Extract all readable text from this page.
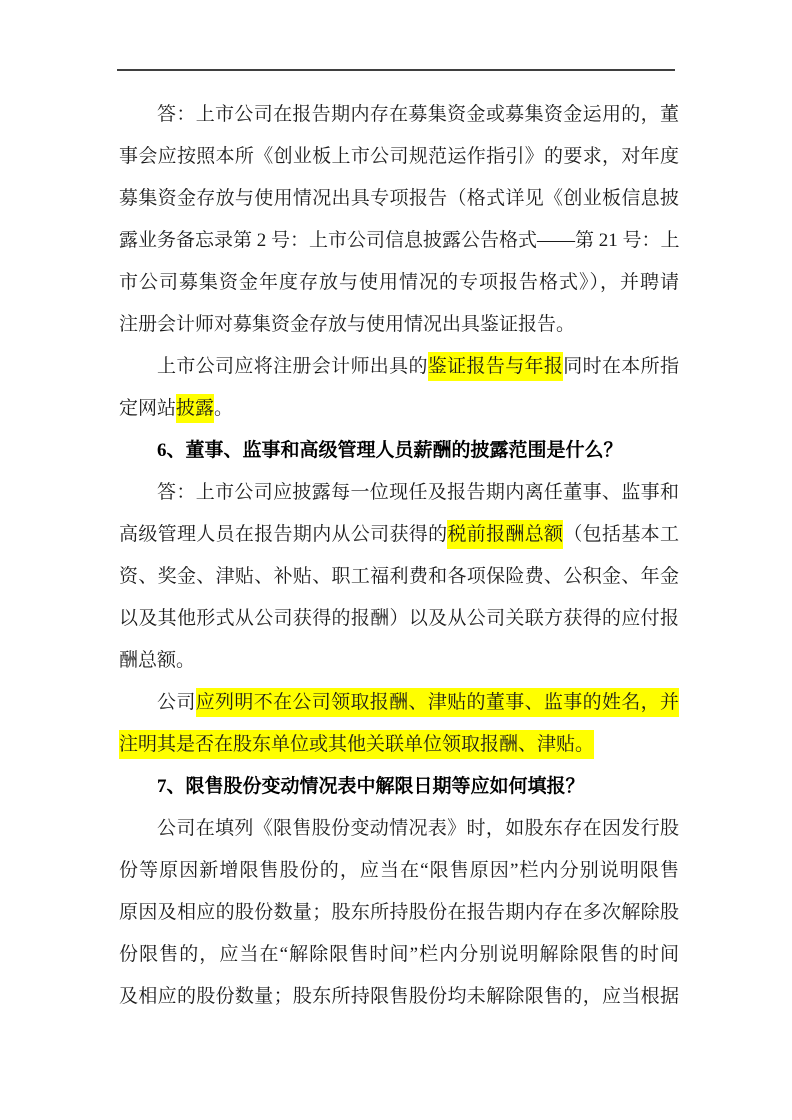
答：上市公司在报告期内存在募集资金或募集资金运用的，董
事会应按照本所《创业板上市公司规范运作指引》的要求，对年度
募集资金存放与使用情况出具专项报告（格式详见《创业板信息披
露业务备忘录第 2 号：上市公司信息披露公告格式——第 21 号：上
市公司募集资金年度存放与使用情况的专项报告格式》），并聘请
注册会计师对募集资金存放与使用情况出具鉴证报告。
上市公司应将注册会计师出具的鉴证报告与年报同时在本所指
定网站披露。
6、董事、监事和高级管理人员薪酬的披露范围是什么？
答：上市公司应披露每一位现任及报告期内离任董事、监事和
高级管理人员在报告期内从公司获得的税前报酬总额（包括基本工
资、奖金、津贴、补贴、职工福利费和各项保险费、公积金、年金
以及其他形式从公司获得的报酬）以及从公司关联方获得的应付报
酬总额。
公司应列明不在公司领取报酬、津贴的董事、监事的姓名，并
注明其是否在股东单位或其他关联单位领取报酬、津贴。
7、限售股份变动情况表中解限日期等应如何填报？
公司在填列《限售股份变动情况表》时，如股东存在因发行股
份等原因新增限售股份的，应当在“限售原因”栏内分别说明限售
原因及相应的股份数量；股东所持股份在报告期内存在多次解除股
份限售的，应当在“解除限售时间”栏内分别说明解除限售的时间
及相应的股份数量；股东所持限售股份均未解除限售的，应当根据
